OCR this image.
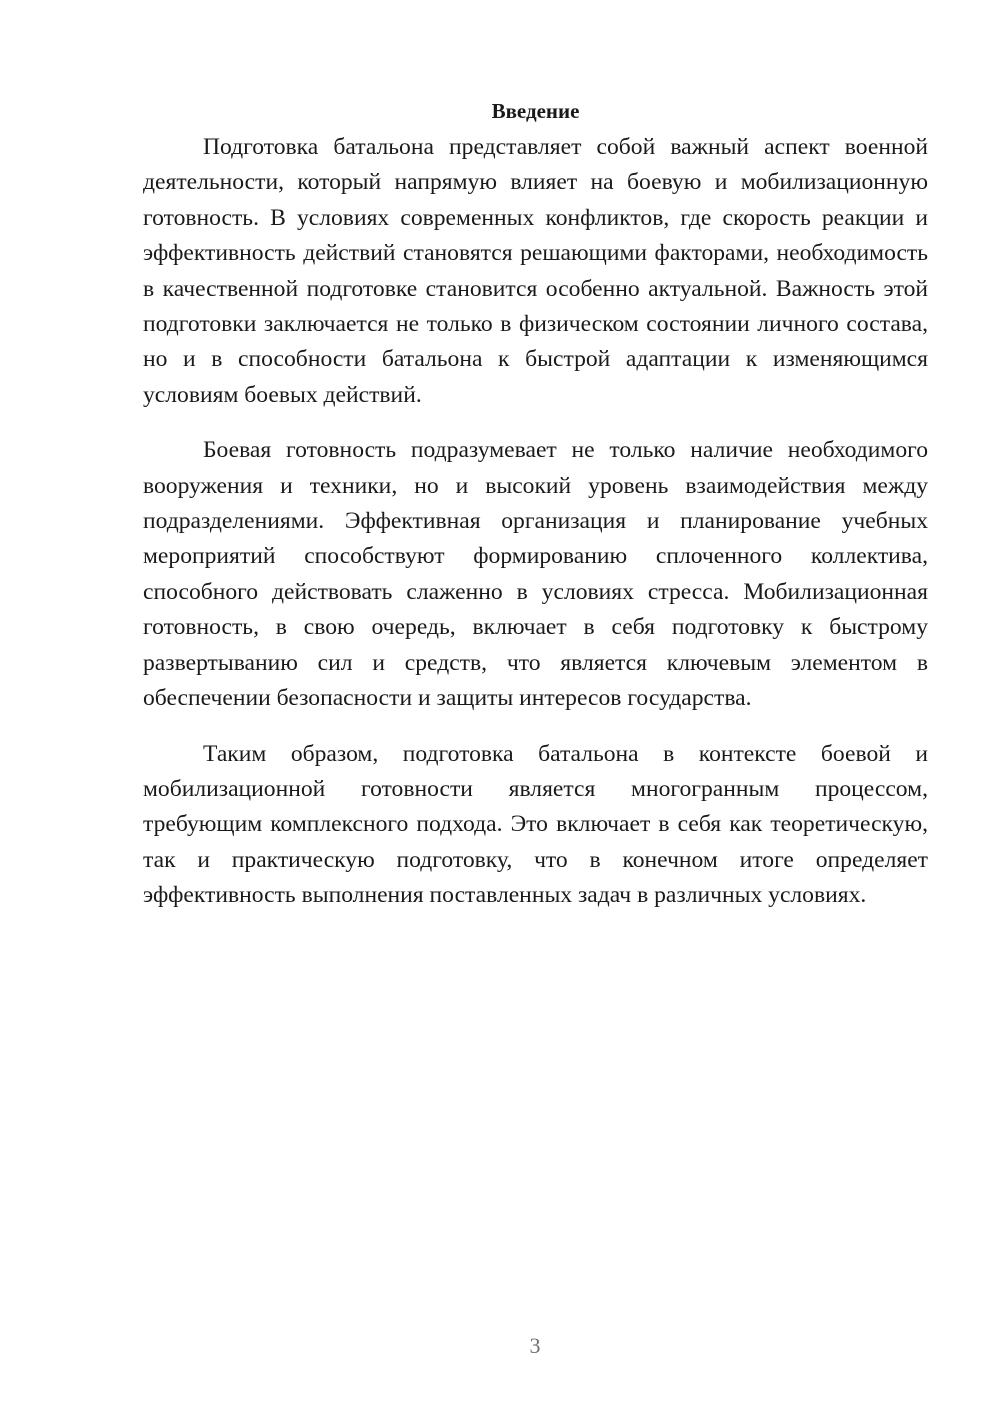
Введение

Подготовка батальона представляет собой важный аспект военной деятельности, который напрямую влияет на боевую и мобилизационную готовность. В условиях современных конфликтов, где скорость реакции и эффективность действий становятся решающими факторами, необходимость в качественной подготовке становится особенно актуальной. Важность этой подготовки заключается не только в физическом состоянии личного состава, но и в способности батальона к быстрой адаптации к изменяющимся условиям боевых действий.

Боевая готовность подразумевает не только наличие необходимого вооружения и техники, но и высокий уровень взаимодействия между подразделениями. Эффективная организация и планирование учебных мероприятий способствуют формированию сплоченного коллектива, способного действовать слаженно в условиях стресса. Мобилизационная готовность, в свою очередь, включает в себя подготовку к быстрому развертыванию сил и средств, что является ключевым элементом в обеспечении безопасности и защиты интересов государства.

Таким образом, подготовка батальона в контексте боевой и мобилизационной готовности является многогранным процессом, требующим комплексного подхода. Это включает в себя как теоретическую, так и практическую подготовку, что в конечном итоге определяет эффективность выполнения поставленных задач в различных условиях.

3
